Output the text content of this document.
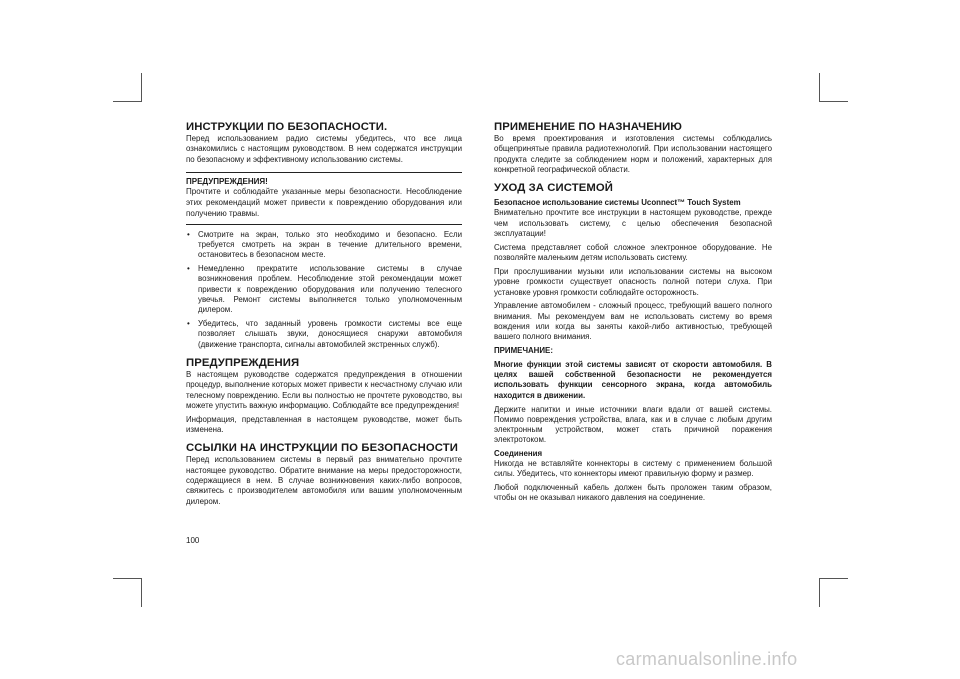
ИНСТРУКЦИИ ПО БЕЗОПАСНОСТИ.

Перед использованием радио системы убедитесь, что все лица ознакомились с настоящим руководством. В нем содержатся инструкции по безопасному и эффективному использованию системы.

ПРЕДУПРЕЖДЕНИЯ!

Прочтите и соблюдайте указанные меры безопасности. Несоблюдение этих рекомендаций может привести к повреждению оборудования или получению травмы.

• Смотрите на экран, только это необходимо и безопасно. Если требуется смотреть на экран в течение длительного времени, остановитесь в безопасном месте.

• Немедленно прекратите использование системы в случае возникновения проблем. Несоблюдение этой рекомендации может привести к повреждению оборудования или получению телесного увечья. Ремонт системы выполняется только уполномоченным дилером.

• Убедитесь, что заданный уровень громкости системы все еще позволяет слышать звуки, доносящиеся снаружи автомобиля (движение транспорта, сигналы автомобилей экстренных служб).

ПРЕДУПРЕЖДЕНИЯ

В настоящем руководстве содержатся предупреждения в отношении процедур, выполнение которых может привести к несчастному случаю или телесному повреждению. Если вы полностью не прочтете руководство, вы можете упустить важную информацию. Соблюдайте все предупреждения!

Информация, представленная в настоящем руководстве, может быть изменена.

ССЫЛКИ НА ИНСТРУКЦИИ ПО БЕЗОПАСНОСТИ

Перед использованием системы в первый раз внимательно прочтите настоящее руководство. Обратите внимание на меры предосторожности, содержащиеся в нем. В случае возникновения каких-либо вопросов, свяжитесь с производителем автомобиля или вашим уполномоченным дилером.

ПРИМЕНЕНИЕ ПО НАЗНАЧЕНИЮ

Во время проектирования и изготовления системы соблюдались общепринятые правила радиотехнологий. При использовании настоящего продукта следите за соблюдением норм и положений, характерных для конкретной географической области.

УХОД ЗА СИСТЕМОЙ
Безопасное использование системы Uconnect™ Touch System

Внимательно прочтите все инструкции в настоящем руководстве, прежде чем использовать систему, с целью обеспечения безопасной эксплуатации!

Система представляет собой сложное электронное оборудование. Не позволяйте маленьким детям использовать систему.

При прослушивании музыки или использовании системы на высоком уровне громкости существует опасность полной потери слуха. При установке уровня громкости соблюдайте осторожность.

Управление автомобилем - сложный процесс, требующий вашего полного внимания. Мы рекомендуем вам не использовать систему во время вождения или когда вы заняты какой-либо активностью, требующей вашего полного внимания.

ПРИМЕЧАНИЕ:

Многие функции этой системы зависят от скорости автомобиля. В целях вашей собственной безопасности не рекомендуется использовать функции сенсорного экрана, когда автомобиль находится в движении.

Держите напитки и иные источники влаги вдали от вашей системы. Помимо повреждения устройства, влага, как и в случае с любым другим электронным устройством, может стать причиной поражения электротоком.

Соединения

Никогда не вставляйте коннекторы в систему с применением большой силы. Убедитесь, что коннекторы имеют правильную форму и размер.

Любой подключенный кабель должен быть проложен таким образом, чтобы он не оказывал никакого давления на соединение.

100
carmanualsonline.info
